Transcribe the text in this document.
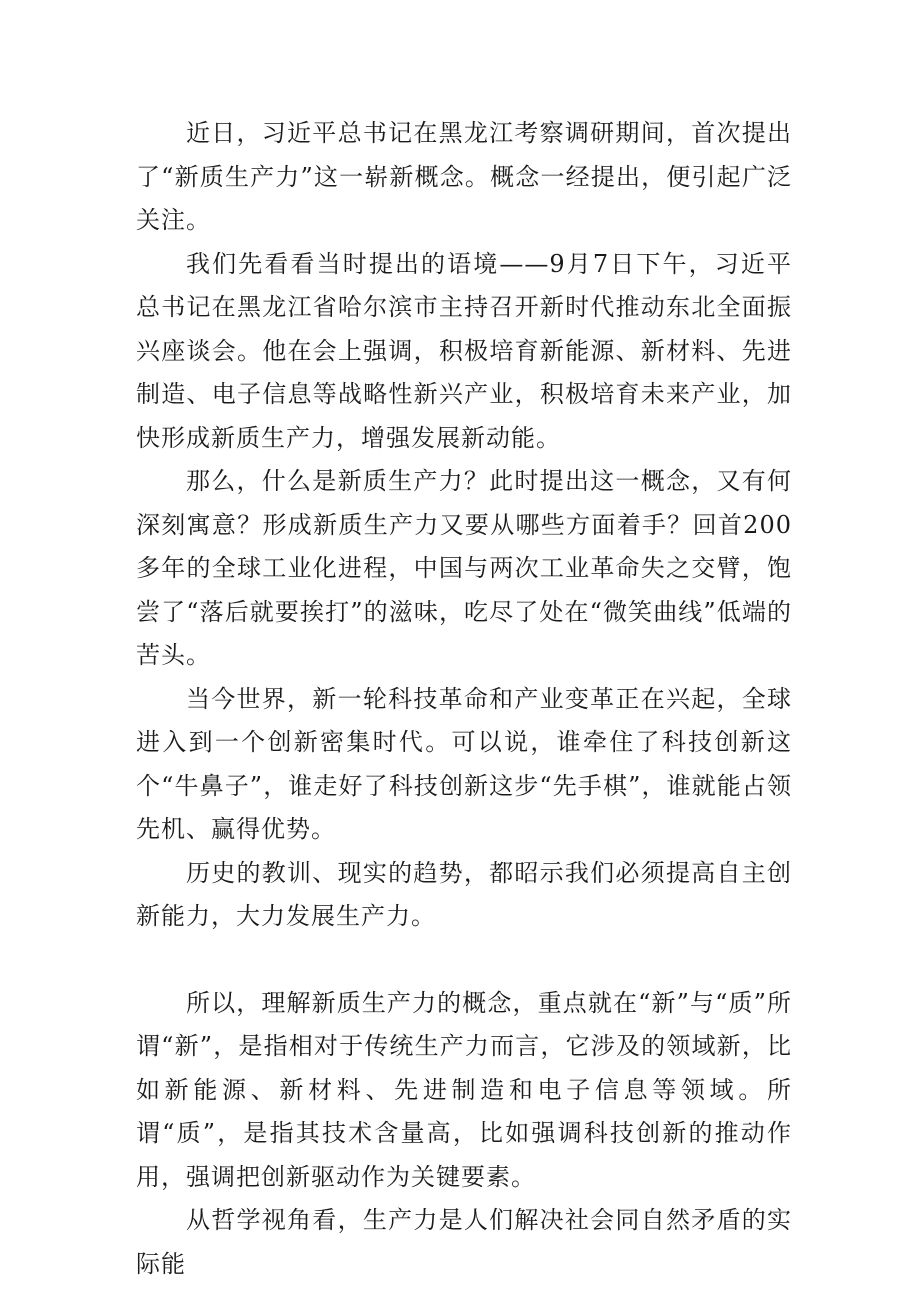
近日，习近平总书记在黑龙江考察调研期间，首次提出了“新质生产力”这一崭新概念。概念一经提出，便引起广泛关注。

我们先看看当时提出的语境——9月7日下午，习近平总书记在黑龙江省哈尔滨市主持召开新时代推动东北全面振兴座谈会。他在会上强调，积极培育新能源、新材料、先进制造、电子信息等战略性新兴产业，积极培育未来产业，加快形成新质生产力，增强发展新动能。

那么，什么是新质生产力？此时提出这一概念，又有何深刻寓意？形成新质生产力又要从哪些方面着手？回首200多年的全球工业化进程，中国与两次工业革命失之交臂，饱尝了“落后就要挨打”的滋味，吃尽了处在“微笑曲线”低端的苦头。

当今世界，新一轮科技革命和产业变革正在兴起，全球进入到一个创新密集时代。可以说，谁牵住了科技创新这个“牛鼻子”，谁走好了科技创新这步“先手棋”，谁就能占领先机、赢得优势。

历史的教训、现实的趋势，都昭示我们必须提高自主创新能力，大力发展生产力。

所以，理解新质生产力的概念，重点就在“新”与“质”所谓“新”，是指相对于传统生产力而言，它涉及的领域新，比如新能源、新材料、先进制造和电子信息等领域。所谓“质”，是指其技术含量高，比如强调科技创新的推动作用，强调把创新驱动作为关键要素。

从哲学视角看，生产力是人们解决社会同自然矛盾的实际能
